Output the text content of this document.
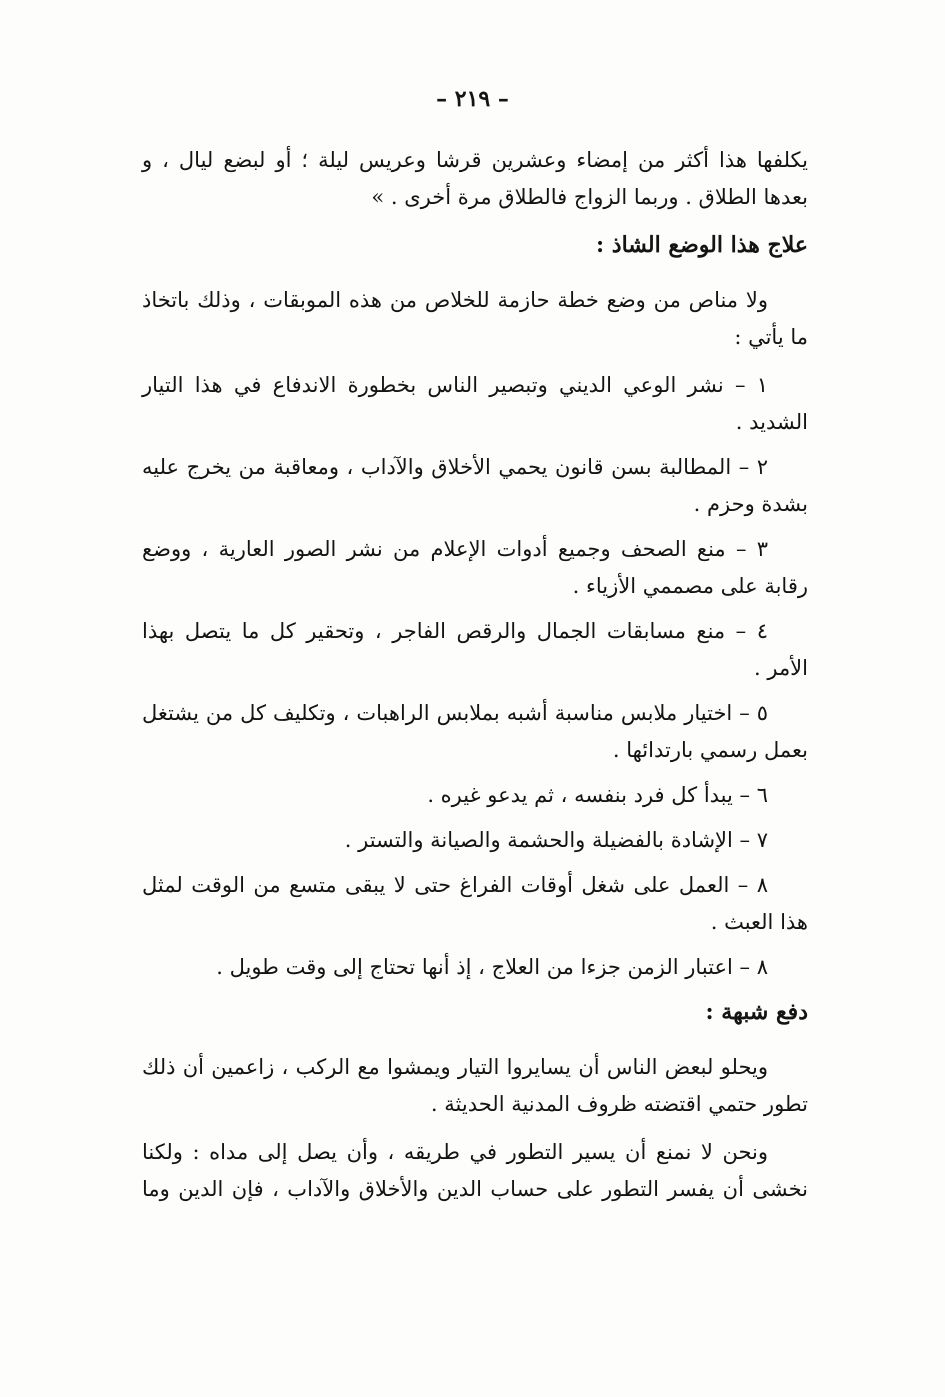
– ٢١٩ –

يكلفها هذا أكثر من إمضاء وعشرين قرشا وعريس ليلة ؛ أو لبضع ليال ، و بعدها الطلاق . وربما الزواج فالطلاق مرة أخرى . »

علاج هذا الوضع الشاذ :

ولا مناص من وضع خطة حازمة للخلاص من هذه الموبقات ، وذلك باتخاذ ما يأتي :

١ – نشر الوعي الديني وتبصير الناس بخطورة الاندفاع في هذا التيار الشديد .

٢ – المطالبة بسن قانون يحمي الأخلاق والآداب ، ومعاقبة من يخرج عليه بشدة وحزم .

٣ – منع الصحف وجميع أدوات الإعلام من نشر الصور العارية ، ووضع رقابة على مصممي الأزياء .

٤ – منع مسابقات الجمال والرقص الفاجر ، وتحقير كل ما يتصل بهذا الأمر .

٥ – اختيار ملابس مناسبة أشبه بملابس الراهبات ، وتكليف كل من يشتغل بعمل رسمي بارتدائها .

٦ – يبدأ كل فرد بنفسه ، ثم يدعو غيره .

٧ – الإشادة بالفضيلة والحشمة والصيانة والتستر .

٨ – العمل على شغل أوقات الفراغ حتى لا يبقى متسع من الوقت لمثل هذا العبث .

٨ – اعتبار الزمن جزءا من العلاج ، إذ أنها تحتاج إلى وقت طويل .

دفع شبهة :

ويحلو لبعض الناس أن يسايروا التيار ويمشوا مع الركب ، زاعمين أن ذلك تطور حتمي اقتضته ظروف المدنية الحديثة .

ونحن لا نمنع أن يسير التطور في طريقه ، وأن يصل إلى مداه : ولكنا نخشى أن يفسر التطور على حساب الدين والأخلاق والآداب ، فإن الدين وما
